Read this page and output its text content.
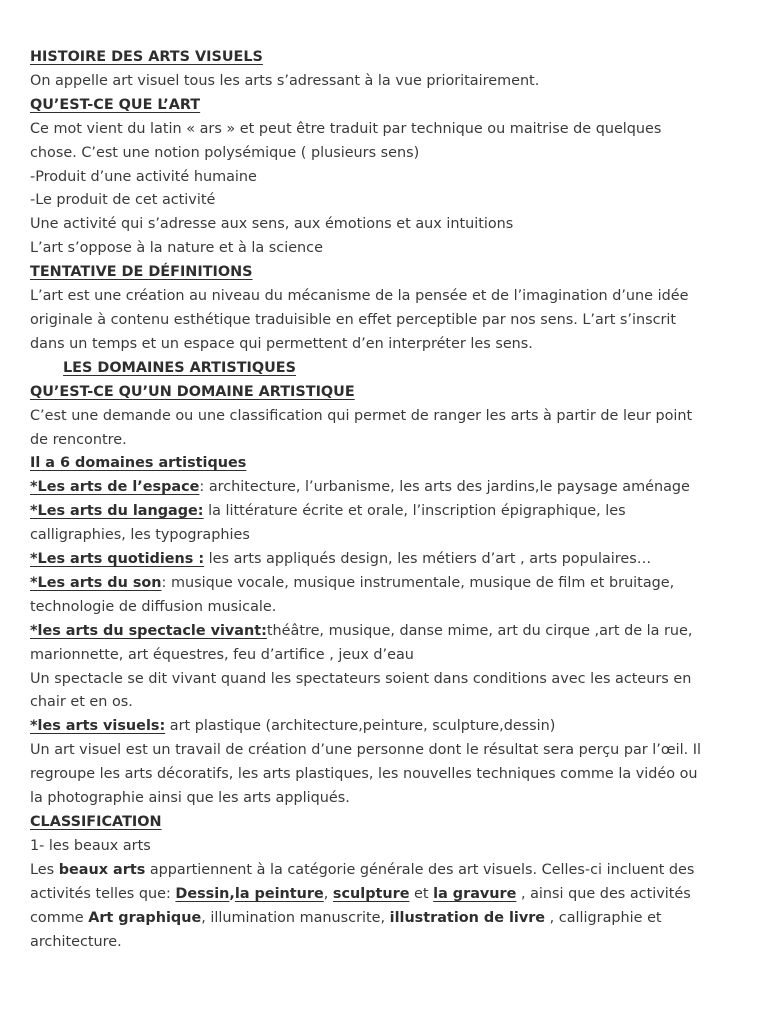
HISTOIRE DES ARTS VISUELS
On appelle art visuel tous les arts s’adressant à la vue prioritairement.
QU’EST-CE QUE L’ART
Ce mot vient du latin « ars » et peut être traduit par technique ou maitrise de quelques
chose. C’est une notion polysémique ( plusieurs sens)
-Produit d’une activité humaine
-Le produit de cet activité
Une activité qui s’adresse aux sens, aux émotions et aux intuitions
L’art s’oppose à la nature et à la science
TENTATIVE DE DÉFINITIONS
L’art est une création au niveau du mécanisme de la pensée et de l’imagination d’une idée
originale à contenu esthétique traduisible en effet perceptible par nos sens. L’art s’inscrit
dans un temps et un espace qui permettent d’en interpréter les sens.
LES DOMAINES ARTISTIQUES
QU’EST-CE QU’UN DOMAINE ARTISTIQUE
C’est une demande ou une classification qui permet de ranger les arts à partir de leur point
de rencontre.
Il a 6 domaines artistiques
*Les arts de l’espace: architecture, l’urbanisme, les arts des jardins,le paysage aménage
*Les arts du langage: la littérature écrite et orale, l’inscription épigraphique, les
calligraphies, les typographies
*Les arts quotidiens : les arts appliqués design, les métiers d’art , arts populaires…
*Les arts du son: musique vocale, musique instrumentale, musique de film et bruitage,
technologie de diffusion musicale.
*les arts du spectacle vivant:théâtre, musique, danse mime, art du cirque ,art de la rue,
marionnette, art équestres, feu d’artifice , jeux d’eau
Un spectacle se dit vivant quand les spectateurs soient dans conditions avec les acteurs en
chair et en os.
*les arts visuels: art plastique (architecture,peinture, sculpture,dessin)
Un art visuel est un travail de création d’une personne dont le résultat sera perçu par l’œil. Il
regroupe les arts décoratifs, les arts plastiques, les nouvelles techniques comme la vidéo ou
la photographie ainsi que les arts appliqués.
CLASSIFICATION
1- les beaux arts
Les beaux arts appartiennent à la catégorie générale des art visuels. Celles-ci incluent des
activités telles que: Dessin,la peinture, sculpture et la gravure , ainsi que des activités
comme Art graphique, illumination manuscrite, illustration de livre , calligraphie et
architecture.
